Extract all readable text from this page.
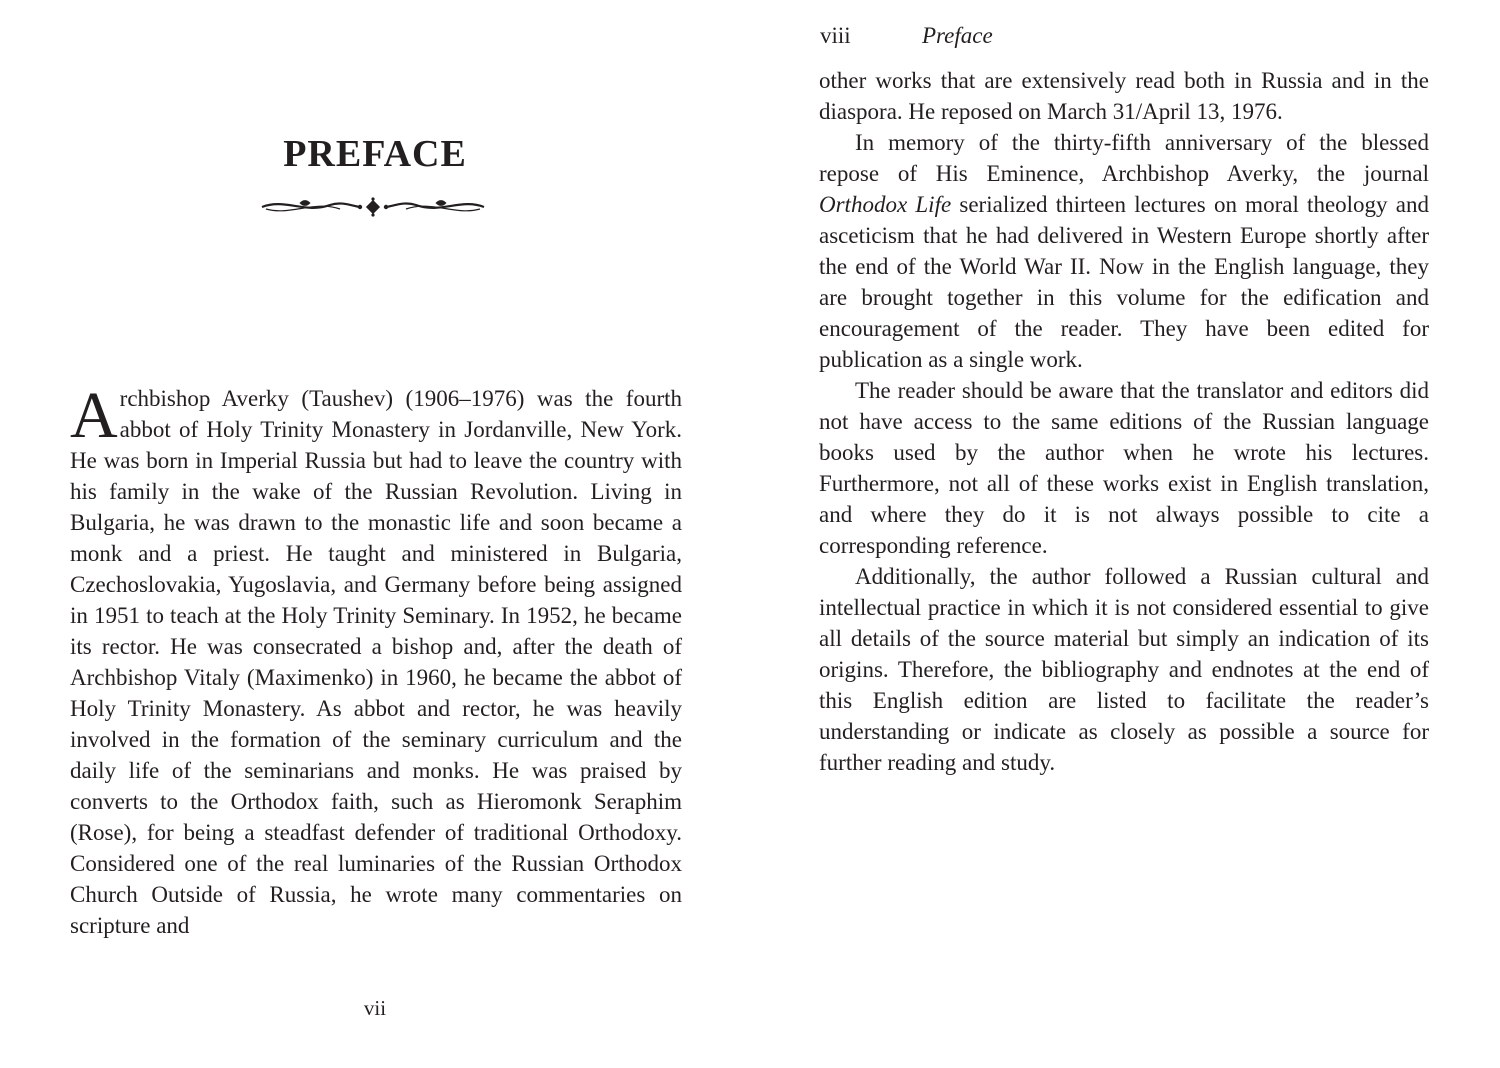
PREFACE

Archbishop Averky (Taushev) (1906–1976) was the fourth abbot of Holy Trinity Monastery in Jordanville, New York. He was born in Imperial Russia but had to leave the country with his family in the wake of the Russian Revolution. Living in Bulgaria, he was drawn to the monastic life and soon became a monk and a priest. He taught and ministered in Bulgaria, Czechoslovakia, Yugoslavia, and Germany before being assigned in 1951 to teach at the Holy Trinity Seminary. In 1952, he became its rector. He was consecrated a bishop and, after the death of Archbishop Vitaly (Maximenko) in 1960, he became the abbot of Holy Trinity Monastery. As abbot and rector, he was heavily involved in the formation of the seminary curriculum and the daily life of the seminarians and monks. He was praised by converts to the Orthodox faith, such as Hieromonk Seraphim (Rose), for being a steadfast defender of traditional Orthodoxy. Considered one of the real luminaries of the Russian Orthodox Church Outside of Russia, he wrote many commentaries on scripture and

vii
viii	Preface

other works that are extensively read both in Russia and in the diaspora. He reposed on March 31/April 13, 1976.

In memory of the thirty-fifth anniversary of the blessed repose of His Eminence, Archbishop Averky, the journal Orthodox Life serialized thirteen lectures on moral theology and asceticism that he had delivered in Western Europe shortly after the end of the World War II. Now in the English language, they are brought together in this volume for the edification and encouragement of the reader. They have been edited for publication as a single work.

The reader should be aware that the translator and editors did not have access to the same editions of the Russian language books used by the author when he wrote his lectures. Furthermore, not all of these works exist in English translation, and where they do it is not always possible to cite a corresponding reference.

Additionally, the author followed a Russian cultural and intellectual practice in which it is not considered essential to give all details of the source material but simply an indication of its origins. Therefore, the bibliography and endnotes at the end of this English edition are listed to facilitate the reader’s understanding or indicate as closely as possible a source for further reading and study.
